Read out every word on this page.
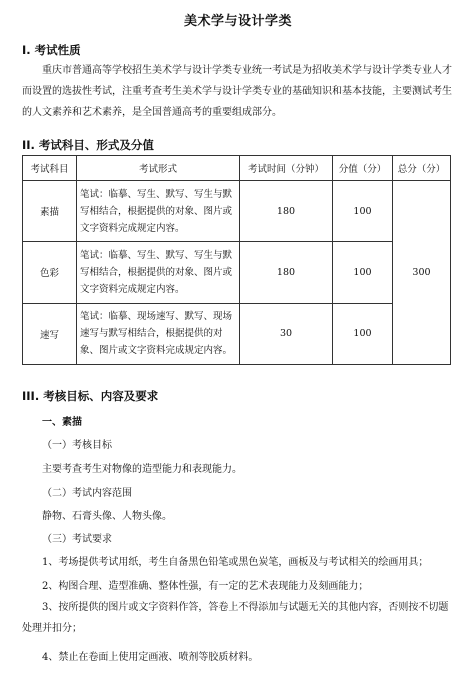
美术学与设计学类
I. 考试性质

重庆市普通高等学校招生美术学与设计学类专业统一考试是为招收美术学与设计学类专业人才而设置的选拔性考试，注重考查考生美术学与设计学类专业的基础知识和基本技能，主要测试考生的人文素养和艺术素养，是全国普通高考的重要组成部分。

II. 考试科目、形式及分值
考试科目	考试形式	考试时间（分钟）	分值（分）	总分（分）
素描	笔试：临摹、写生、默写、写生与默写相结合，根据提供的对象、图片或文字资料完成规定内容。	180	100	300
色彩	笔试：临摹、写生、默写、写生与默写相结合，根据提供的对象、图片或文字资料完成规定内容。	180	100	
速写	笔试：临摹、现场速写、默写、现场速写与默写相结合，根据提供的对象、图片或文字资料完成规定内容。	30	100	
III. 考核目标、内容及要求
一、素描
（一）考核目标
主要考查考生对物像的造型能力和表现能力。
（二）考试内容范围
静物、石膏头像、人物头像。
（三）考试要求
1、考场提供考试用纸，考生自备黑色铅笔或黑色炭笔，画板及与考试相关的绘画用具；
2、构图合理、造型准确、整体性强，有一定的艺术表现能力及刻画能力；

3、按所提供的图片或文字资料作答，答卷上不得添加与试题无关的其他内容，否则按不切题处理并扣分；

4、禁止在卷面上使用定画液、喷剂等胶质材料。
